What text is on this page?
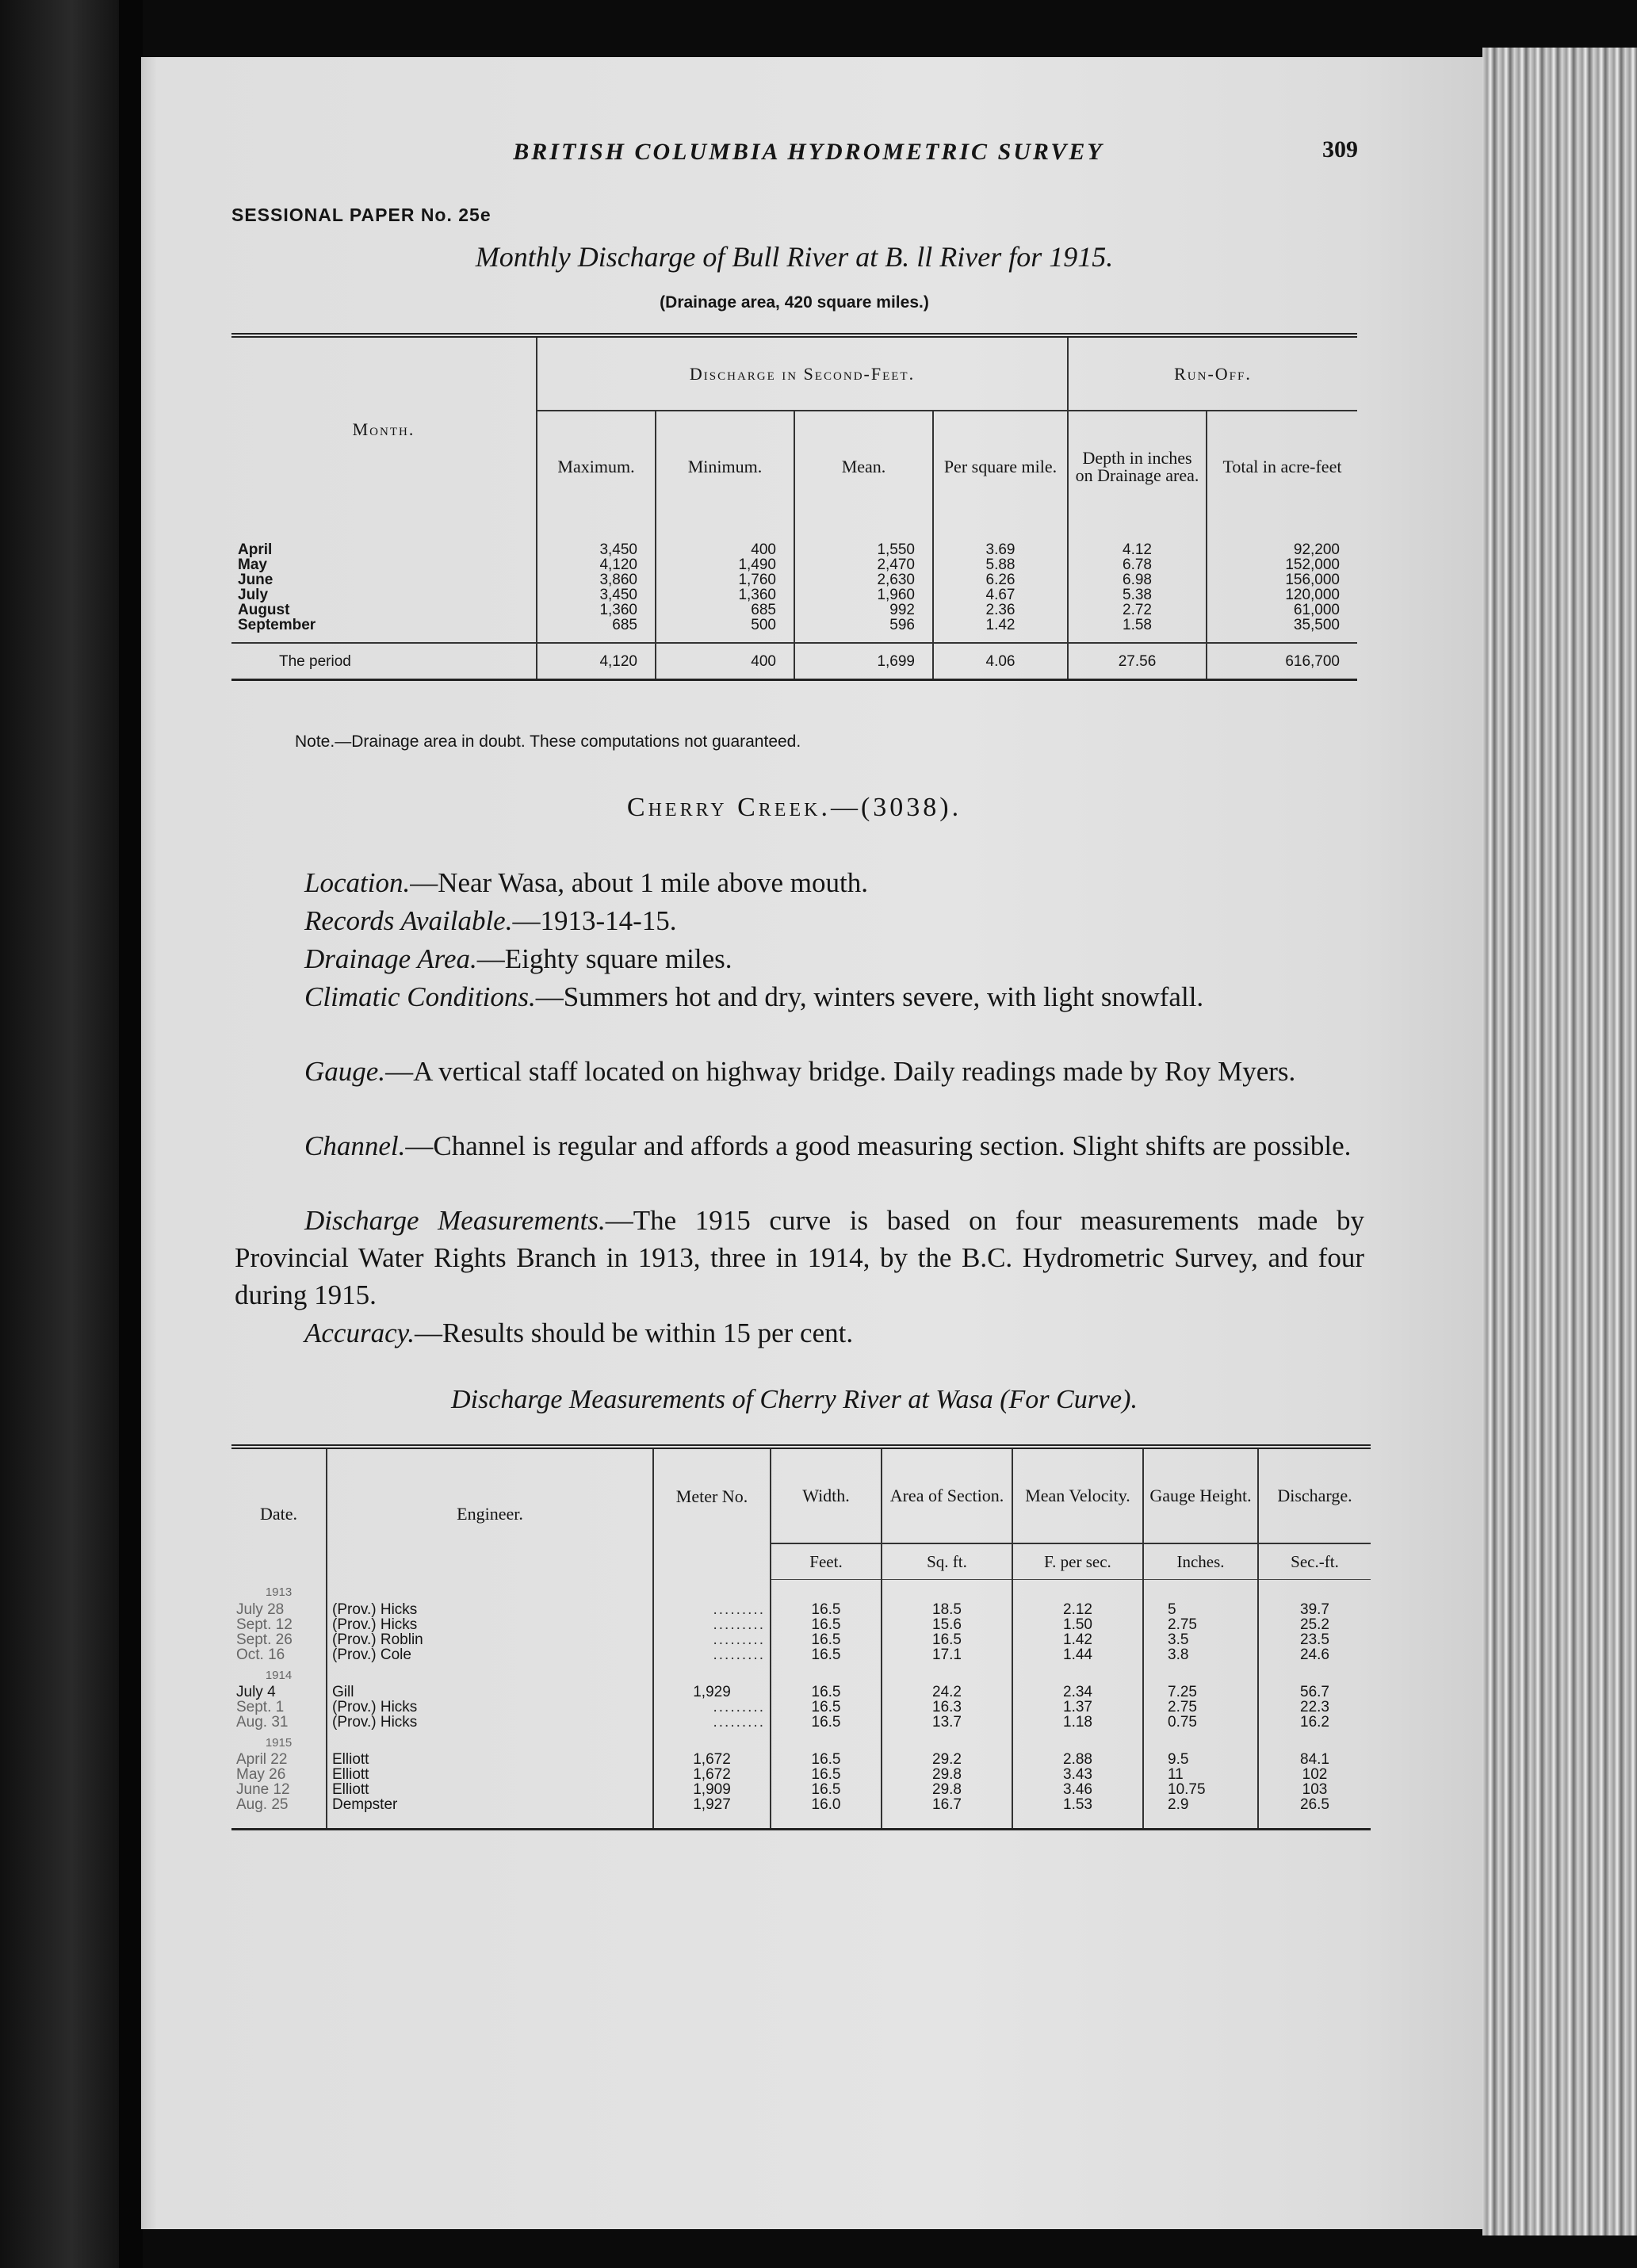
BRITISH COLUMBIA HYDROMETRIC SURVEY	309
SESSIONAL PAPER No. 25e
Monthly Discharge of Bull River at B. ll River for 1915.
(Drainage area, 420 square miles.)
Month.	Discharge in Second-Feet.				Run-Off.	
	Maximum.	Minimum.	Mean.	Per square mile.	Depth in inches on Drainage area.	Total in acre-feet
April	3,450	400	1,550	3.69	4.12	92,200
May	4,120	1,490	2,470	5.88	6.78	152,000
June	3,860	1,760	2,630	6.26	6.98	156,000
July	3,450	1,360	1,960	4.67	5.38	120,000
August	1,360	685	992	2.36	2.72	61,000
September	685	500	596	1.42	1.58	35,500
The period	4,120	400	1,699	4.06	27.56	616,700
Note.—Drainage area in doubt. These computations not guaranteed.
Cherry Creek.—(3038).
Location.—Near Wasa, about 1 mile above mouth.
Records Available.—1913-14-15.
Drainage Area.—Eighty square miles.
Climatic Conditions.—Summers hot and dry, winters severe, with light snowfall.
Gauge.—A vertical staff located on highway bridge. Daily readings made by Roy Myers.
Channel.—Channel is regular and affords a good measuring section. Slight shifts are possible.
Discharge Measurements.—The 1915 curve is based on four measurements made by Provincial Water Rights Branch in 1913, three in 1914, by the B.C. Hydrometric Survey, and four during 1915.
Accuracy.—Results should be within 15 per cent.
Discharge Measurements of Cherry River at Wasa (For Curve).
Date.	Engineer.	Meter No.	Width.	Area of Section.	Mean Velocity.	Gauge Height.	Discharge.
			Feet.	Sq. ft.	F. per sec.	Inches.	Sec.-ft.
1913							
July 28	(Prov.) Hicks	.........	16.5	18.5	2.12	5	39.7
Sept. 12	(Prov.) Hicks	.........	16.5	15.6	1.50	2.75	25.2
Sept. 26	(Prov.) Roblin	.........	16.5	16.5	1.42	3.5	23.5
Oct. 16	(Prov.) Cole	.........	16.5	17.1	1.44	3.8	24.6
1914							
July 4	Gill	1,929	16.5	24.2	2.34	7.25	56.7
Sept. 1	(Prov.) Hicks	.........	16.5	16.3	1.37	2.75	22.3
Aug. 31	(Prov.) Hicks	.........	16.5	13.7	1.18	0.75	16.2
1915							
April 22	Elliott	1,672	16.5	29.2	2.88	9.5	84.1
May 26	Elliott	1,672	16.5	29.8	3.43	11	102
June 12	Elliott	1,909	16.5	29.8	3.46	10.75	103
Aug. 25	Dempster	1,927	16.0	16.7	1.53	2.9	26.5
